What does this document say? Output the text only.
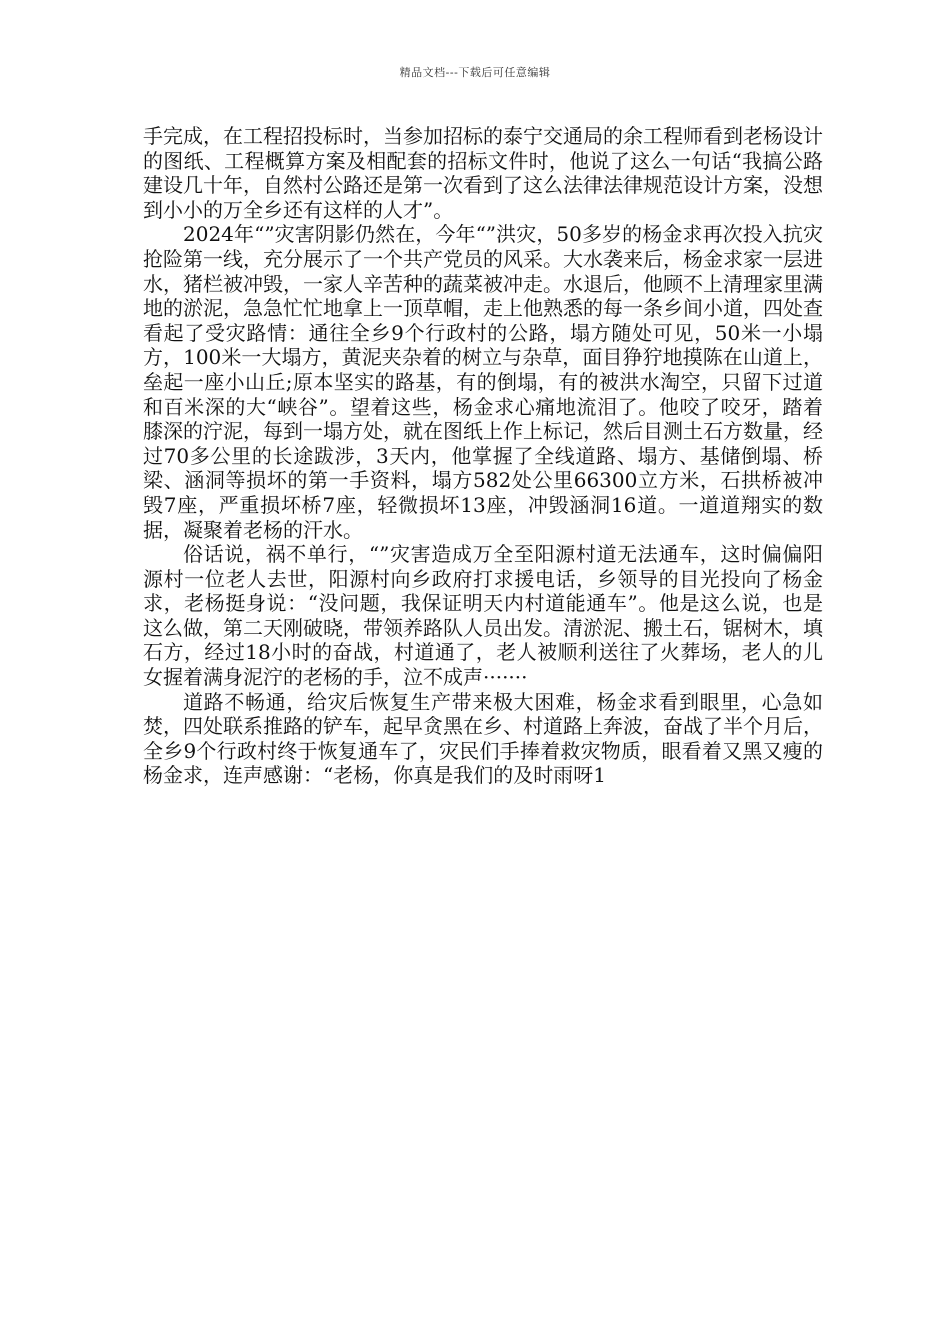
精品文档---下载后可任意编辑

手完成，在工程招投标时，当参加招标的泰宁交通局的余工程师看到老杨设计的图纸、工程概算方案及相配套的招标文件时，他说了这么一句话“我搞公路建设几十年，自然村公路还是第一次看到了这么法律法律规范设计方案，没想到小小的万全乡还有这样的人才”。

2024年“”灾害阴影仍然在，今年“”洪灾，50多岁的杨金求再次投入抗灾抢险第一线，充分展示了一个共产党员的风采。大水袭来后，杨金求家一层进水，猪栏被冲毁，一家人辛苦种的蔬菜被冲走。水退后，他顾不上清理家里满地的淤泥，急急忙忙地拿上一顶草帽，走上他熟悉的每一条乡间小道，四处查看起了受灾路情：通往全乡9个行政村的公路，塌方随处可见，50米一小塌方，100米一大塌方，黄泥夹杂着的树立与杂草，面目狰狞地摸陈在山道上，垒起一座小山丘;原本坚实的路基，有的倒塌，有的被洪水淘空，只留下过道和百米深的大“峡谷”。望着这些，杨金求心痛地流泪了。他咬了咬牙，踏着膝深的泞泥，每到一塌方处，就在图纸上作上标记，然后目测土石方数量，经过70多公里的长途跋涉，3天内，他掌握了全线道路、塌方、基储倒塌、桥梁、涵洞等损坏的第一手资料，塌方582处公里66300立方米，石拱桥被冲毁7座，严重损坏桥7座，轻微损坏13座，冲毁涵洞16道。一道道翔实的数据，凝聚着老杨的汗水。

俗话说，祸不单行，“”灾害造成万全至阳源村道无法通车，这时偏偏阳源村一位老人去世，阳源村向乡政府打求援电话，乡领导的目光投向了杨金求，老杨挺身说：“没问题，我保证明天内村道能通车”。他是这么说，也是这么做，第二天刚破晓，带领养路队人员出发。清淤泥、搬土石，锯树木，填石方，经过18小时的奋战，村道通了，老人被顺利送往了火葬场，老人的儿女握着满身泥泞的老杨的手，泣不成声·······

道路不畅通，给灾后恢复生产带来极大困难，杨金求看到眼里，心急如焚，四处联系推路的铲车，起早贪黑在乡、村道路上奔波，奋战了半个月后，全乡9个行政村终于恢复通车了，灾民们手捧着救灾物质，眼看着又黑又瘦的杨金求，连声感谢：“老杨，你真是我们的及时雨呀1
